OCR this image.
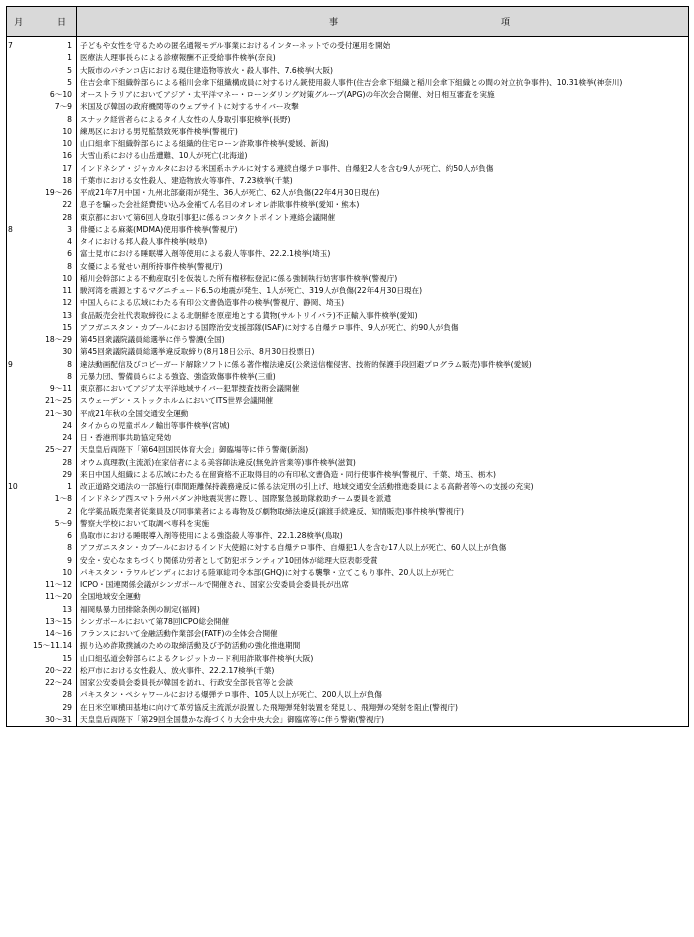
月	日	事 項

7	1	子どもや女性を守るための匿名通報モデル事業におけるインターネットでの受付運用を開始
	1	医療法人理事長らによる診療報酬不正受給事件検挙(奈良)
	5	大阪市のパチンコ店における現住建造物等放火・殺人事件、7.6検挙(大阪)
	5	住吉会傘下組織幹部らによる稲川会傘下組織構成員に対するけん銃使用殺人事件(住吉会傘下組織と稲川会傘下組織との間の対立抗争事件)、10.31検挙(神奈川)
	6～10	オーストラリアにおいてアジア・太平洋マネー・ローンダリング対策グループ(APG)の年次会合開催、対日相互審査を実施
	7～9	米国及び韓国の政府機関等のウェブサイトに対するサイバー攻撃
	8	スナック経営者らによるタイ人女性の人身取引事犯検挙(長野)
	10	練馬区における男児監禁致死事件検挙(警視庁)
	10	山口組傘下組織幹部らによる組織的住宅ローン詐欺事件検挙(愛媛、新潟)
	16	大雪山系における山岳遭難、10人が死亡(北海道)
	17	インドネシア・ジャカルタにおける米国系ホテルに対する連続自爆テロ事件、自爆犯2人を含む9人が死亡、約50人が負傷
	18	千葉市における女性殺人、建造物放火等事件、7.23検挙(千葉)
	19～26	平成21年7月中国・九州北部豪雨が発生、36人が死亡、62人が負傷(22年4月30日現在)
	22	息子を騙った会社経費使い込み金補てん名目のオレオレ詐欺事件検挙(愛知・熊本)
	28	東京都において第6回人身取引事犯に係るコンタクトポイント連絡会議開催
8	3	俳優による麻薬(MDMA)使用事件検挙(警視庁)
	4	タイにおける邦人殺人事件検挙(岐阜)
	6	富士見市における睡眠導入剤等使用による殺人等事件、22.2.1検挙(埼玉)
	8	女優による覚せい剤所持事件検挙(警視庁)
	10	稲川会幹部による不動産取引を仮装した所有権移転登記に係る強制執行妨害事件検挙(警視庁)
	11	駿河湾を震源とするマグニチュード6.5の地震が発生、1人が死亡、319人が負傷(22年4月30日現在)
	12	中国人らによる広域にわたる有印公文書偽造事件の検挙(警視庁、静岡、埼玉)
	13	食品販売会社代表取締役による北朝鮮を原産地とする貨物(サルトリイバラ)不正輸入事件検挙(愛知)
	15	アフガニスタン・カブールにおける国際治安支援部隊(ISAF)に対する自爆テロ事件、9人が死亡、約90人が負傷
	18～29	第45回衆議院議員総選挙に伴う警護(全国)
	30	第45回衆議院議員総選挙違反取締り(8月18日公示、8月30日投票日)
9	8	違法動画配信及びコピーガード解除ソフトに係る著作権法違反(公衆送信権侵害、技術的保護手段回避プログラム販売)事件検挙(愛媛)
	8	元暴力団、警備員らによる強盗、強盗致傷事件検挙(三重)
	9～11	東京都においてアジア太平洋地域サイバー犯罪捜査技術会議開催
	21～25	スウェーデン・ストックホルムにおいてITS世界会議開催
	21～30	平成21年秋の全国交通安全運動
	24	タイからの児童ポルノ輸出等事件検挙(宮城)
	24	日・香港刑事共助協定発効
	25～27	天皇皇后両陛下「第64回国民体育大会」御臨場等に伴う警衛(新潟)
	28	オウム真理教(主流派)在家信者による美容師法違反(無免許営業等)事件検挙(滋賀)
	29	来日中国人組織による広域にわたる在留資格不正取得目的の有印私文書偽造・同行使事件検挙(警視庁、千葉、埼玉、栃木)
10	1	改正道路交通法の一部施行(車間距離保持義務違反に係る法定刑の引上げ、地域交通安全活動推進委員による高齢者等への支援の充実)
	1～8	インドネシア西スマトラ州パダン沖地震災害に際し、国際緊急援助隊救助チーム要員を派遣
	2	化学薬品販売業者従業員及び同事業者による毒物及び劇物取締法違反(譲渡手続違反、知情販売)事件検挙(警視庁)
	5～9	警察大学校において取調べ専科を実施
	6	鳥取市における睡眠導入剤等使用による強盗殺人等事件、22.1.28検挙(鳥取)
	8	アフガニスタン・カブールにおけるインド大使館に対する自爆テロ事件、自爆犯1人を含む17人以上が死亡、60人以上が負傷
	9	安全・安心なまちづくり関係功労者として防犯ボランティア10団体が総理大臣表彰受賞
	10	パキスタン・ラワルピンディにおける陸軍総司令本部(GHQ)に対する襲撃・立てこもり事件、20人以上が死亡
	11～12	ICPO・国連関係会議がシンガポールで開催され、国家公安委員会委員長が出席
	11～20	全国地域安全運動
	13	福岡県暴力団排除条例の制定(福岡)
	13～15	シンガポールにおいて第78回ICPO総会開催
	14～16	フランスにおいて金融活動作業部会(FATF)の全体会合開催
	15～11.14	振り込め詐欺撲滅のための取締活動及び予防活動の強化推進期間
	15	山口組弘道会幹部らによるクレジットカード利用詐欺事件検挙(大阪)
	20～22	松戸市における女性殺人、放火事件、22.2.17検挙(千葉)
	22～24	国家公安委員会委員長が韓国を訪れ、行政安全部長官等と会談
	28	パキスタン・ペシャワールにおける爆弾テロ事件、105人以上が死亡、200人以上が負傷
	29	在日米空軍横田基地に向けて革労協反主流派が設置した飛翔弾発射装置を発見し、飛翔弾の発射を阻止(警視庁)
	30～31	天皇皇后両陛下「第29回全国豊かな海づくり大会中央大会」御臨席等に伴う警衛(警視庁)
